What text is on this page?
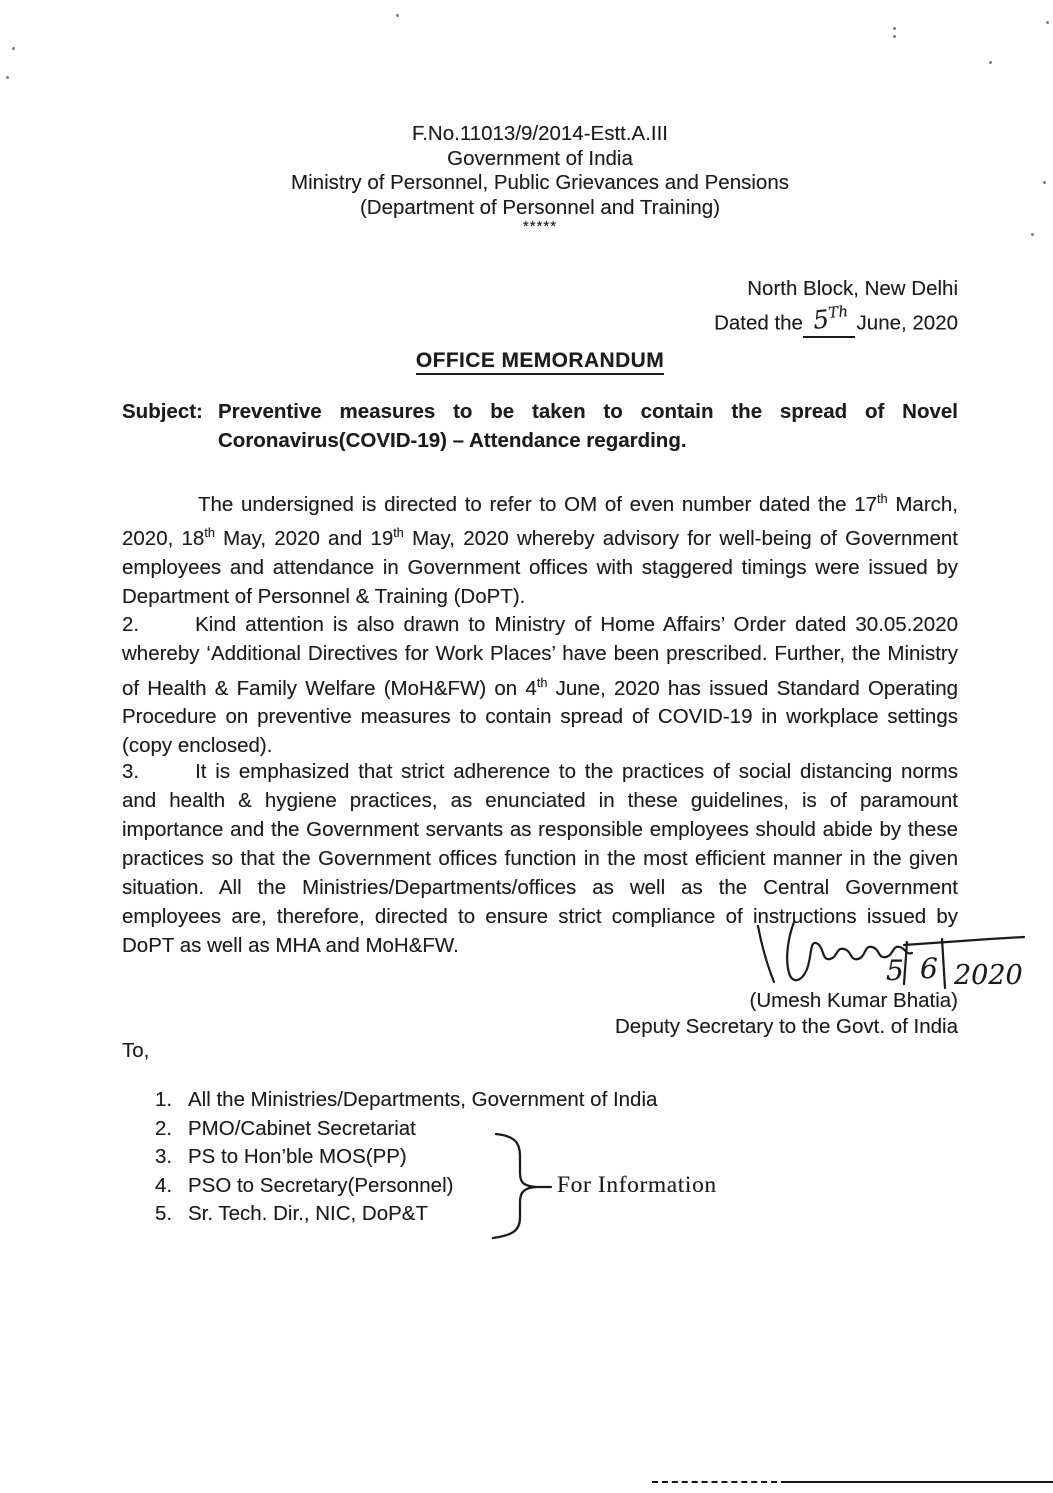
F.No.11013/9/2014-Estt.A.III
Government of India
Ministry of Personnel, Public Grievances and Pensions
(Department of Personnel and Training)
*****
North Block, New Delhi
Dated the 5Th June, 2020
OFFICE MEMORANDUM
Subject: Preventive measures to be taken to contain the spread of Novel Coronavirus(COVID-19) – Attendance regarding.

The undersigned is directed to refer to OM of even number dated the 17th March, 2020, 18th May, 2020 and 19th May, 2020 whereby advisory for well-being of Government employees and attendance in Government offices with staggered timings were issued by Department of Personnel & Training (DoPT).

2.	Kind attention is also drawn to Ministry of Home Affairs’ Order dated 30.05.2020 whereby ‘Additional Directives for Work Places’ have been prescribed. Further, the Ministry of Health & Family Welfare (MoH&FW) on 4th June, 2020 has issued Standard Operating Procedure on preventive measures to contain spread of COVID-19 in workplace settings (copy enclosed).

3.	It is emphasized that strict adherence to the practices of social distancing norms and health & hygiene practices, as enunciated in these guidelines, is of paramount importance and the Government servants as responsible employees should abide by these practices so that the Government offices function in the most efficient manner in the given situation. All the Ministries/Departments/offices as well as the Central Government employees are, therefore, directed to ensure strict compliance of instructions issued by DoPT as well as MHA and MoH&FW.

5 6 2020
(Umesh Kumar Bhatia)
Deputy Secretary to the Govt. of India
To,
1. All the Ministries/Departments, Government of India
2. PMO/Cabinet Secretariat
3. PS to Hon’ble MOS(PP)
4. PSO to Secretary(Personnel)
5. Sr. Tech. Dir., NIC, DoP&T
For Information
